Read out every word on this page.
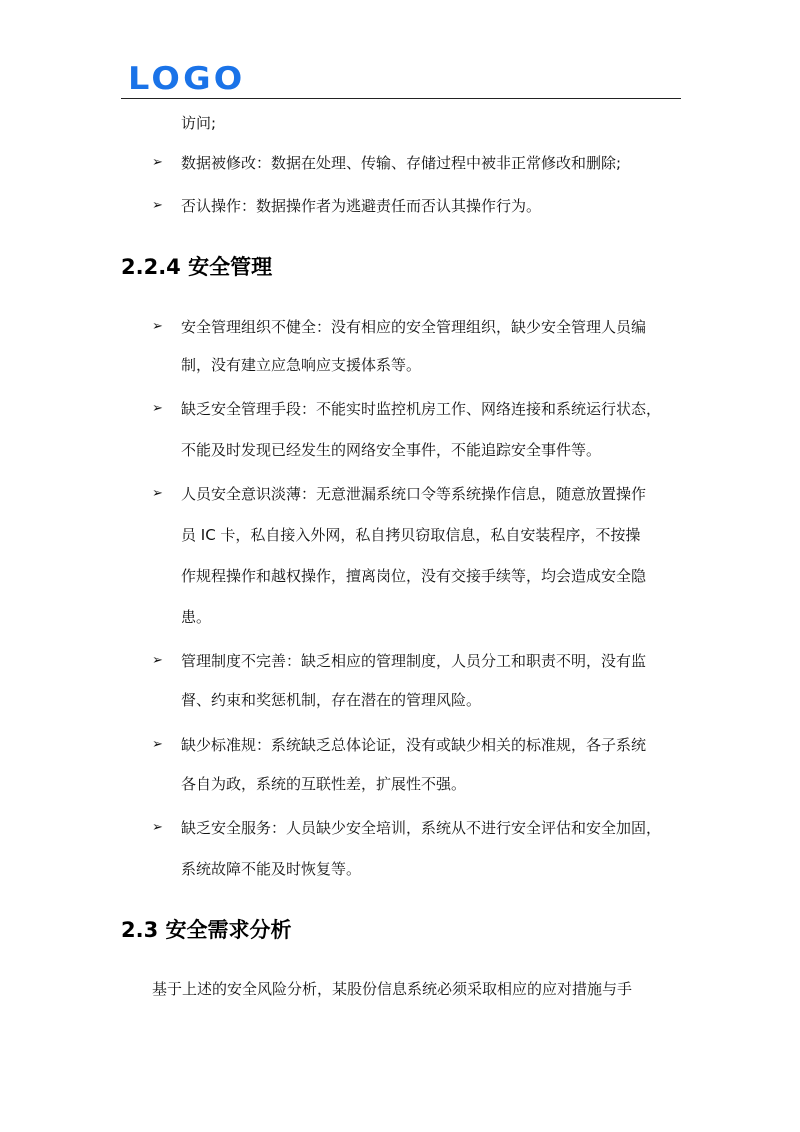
LOGO
访问;
➢ 数据被修改：数据在处理、传输、存储过程中被非正常修改和删除;
➢ 否认操作：数据操作者为逃避责任而否认其操作行为。
2.2.4 安全管理
➢ 安全管理组织不健全：没有相应的安全管理组织，缺少安全管理人员编
制，没有建立应急响应支援体系等。
➢ 缺乏安全管理手段：不能实时监控机房工作、网络连接和系统运行状态，
不能及时发现已经发生的网络安全事件，不能追踪安全事件等。
➢ 人员安全意识淡薄：无意泄漏系统口令等系统操作信息，随意放置操作
员 IC 卡，私自接入外网，私自拷贝窃取信息，私自安装程序，不按操
作规程操作和越权操作，擅离岗位，没有交接手续等，均会造成安全隐
患。
➢ 管理制度不完善：缺乏相应的管理制度，人员分工和职责不明，没有监
督、约束和奖惩机制，存在潜在的管理风险。
➢ 缺少标准规：系统缺乏总体论证，没有或缺少相关的标准规，各子系统
各自为政，系统的互联性差，扩展性不强。
➢ 缺乏安全服务：人员缺少安全培训，系统从不进行安全评估和安全加固，
系统故障不能及时恢复等。
2.3 安全需求分析
基于上述的安全风险分析，某股份信息系统必须采取相应的应对措施与手
